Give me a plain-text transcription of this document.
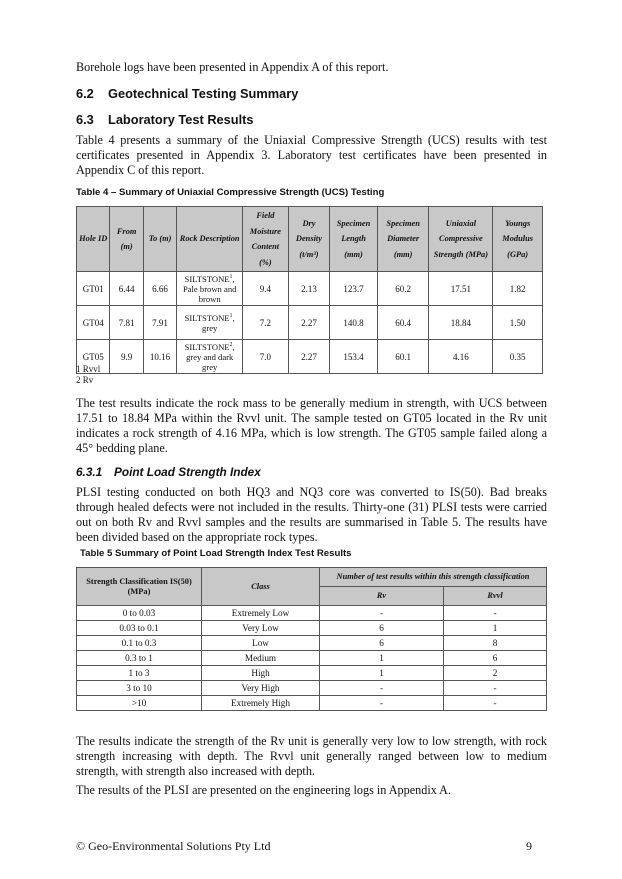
Borehole logs have been presented in Appendix A of this report.

6.2 Geotechnical Testing Summary
6.3 Laboratory Test Results

Table 4 presents a summary of the Uniaxial Compressive Strength (UCS) results with test certificates presented in Appendix 3. Laboratory test certificates have been presented in Appendix C of this report.

Table 4 – Summary of Uniaxial Compressive Strength (UCS) Testing

Hole ID	From (m)	To (m)	Rock Description	Field Moisture Content (%)	Dry Density (t/m³)	Specimen Length (mm)	Specimen Diameter (mm)	Uniaxial Compressive Strength (MPa)	Youngs Modulus (GPa)
GT01	6.44	6.66	SILTSTONE$^1$, Pale brown and brown	9.4	2.13	123.7	60.2	17.51	1.82
GT04	7.81	7.91	SILTSTONE$^1$, grey	7.2	2.27	140.8	60.4	18.84	1.50
GT05	9.9	10.16	SILTSTONE$^2$, grey and dark grey	7.0	2.27	153.4	60.1	4.16	0.35
1 Rvvl
2 Rv

The test results indicate the rock mass to be generally medium in strength, with UCS between 17.51 to 18.84 MPa within the Rvvl unit. The sample tested on GT05 located in the Rv unit indicates a rock strength of 4.16 MPa, which is low strength. The GT05 sample failed along a 45° bedding plane.

6.3.1 Point Load Strength Index

PLSI testing conducted on both HQ3 and NQ3 core was converted to IS(50). Bad breaks through healed defects were not included in the results. Thirty-one (31) PLSI tests were carried out on both Rv and Rvvl samples and the results are summarised in Table 5. The results have been divided based on the appropriate rock types.

Table 5 Summary of Point Load Strength Index Test Results

Strength Classification IS(50) (MPa)	Class	Number of test results within this strength classification	
		Rv	Rvvl
0 to 0.03	Extremely Low	-	-
0.03 to 0.1	Very Low	6	1
0.1 to 0.3	Low	6	8
0.3 to 1	Medium	1	6
1 to 3	High	1	2
3 to 10	Very High	-	-
>10	Extremely High	-	-

The results indicate the strength of the Rv unit is generally very low to low strength, with rock strength increasing with depth. The Rvvl unit generally ranged between low to medium strength, with strength also increased with depth.

The results of the PLSI are presented on the engineering logs in Appendix A.

© Geo-Environmental Solutions Pty Ltd	9
